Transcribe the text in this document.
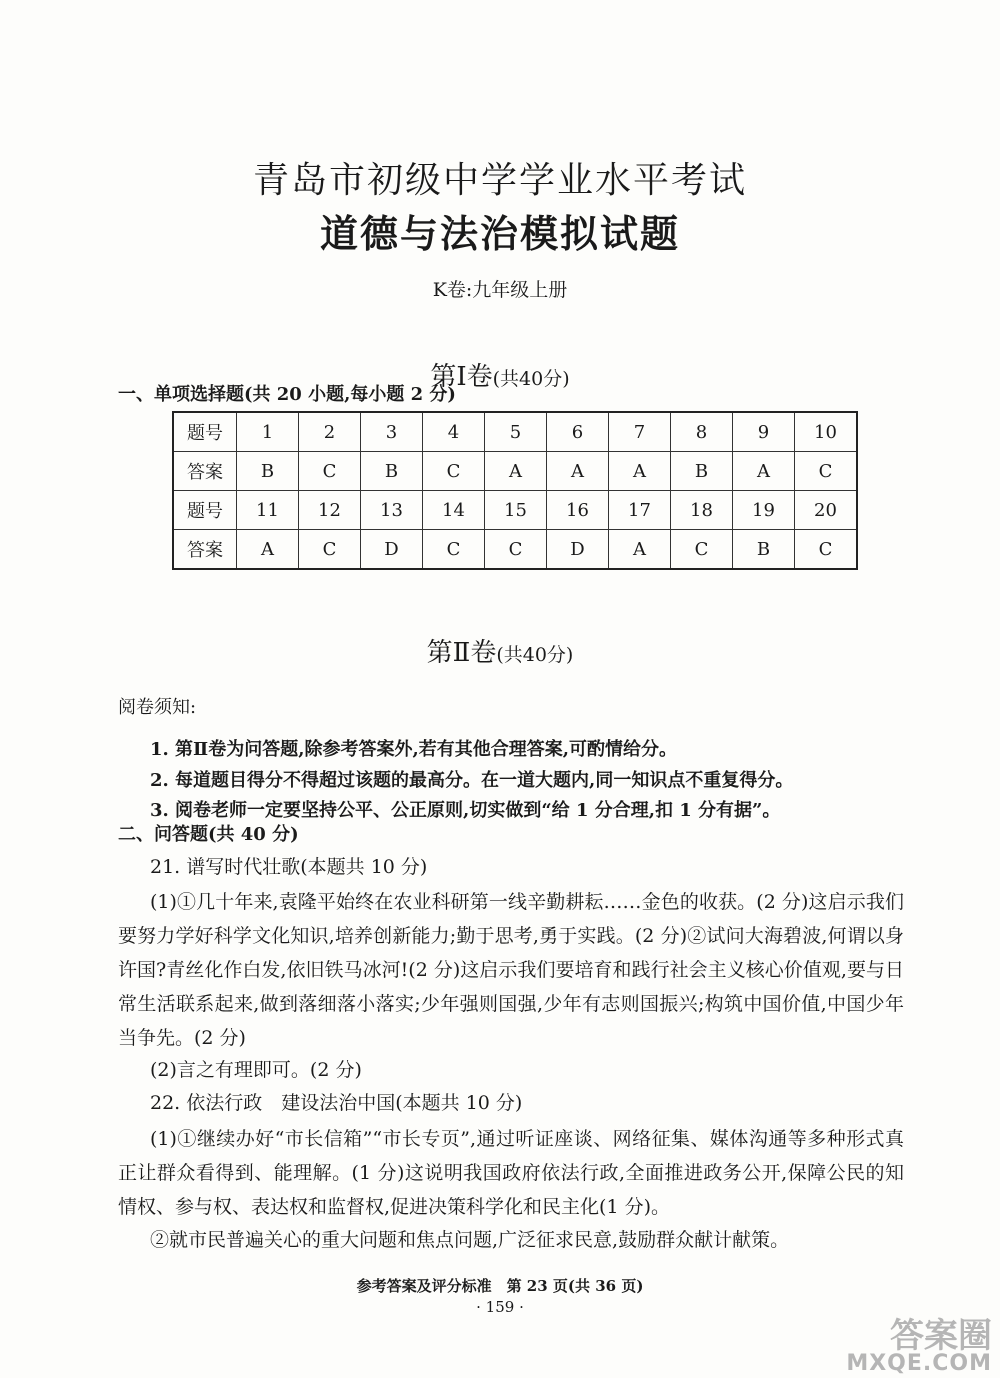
青岛市初级中学学业水平考试
道德与法治模拟试题
K卷:九年级上册
第Ⅰ卷(共40分)
一、单项选择题(共 20 小题,每小题 2 分)
题号	1	2	3	4	5	6	7	8	9	10
答案	B	C	B	C	A	A	A	B	A	C
题号	11	12	13	14	15	16	17	18	19	20
答案	A	C	D	C	C	D	A	C	B	C
第Ⅱ卷(共40分)
阅卷须知:
1. 第Ⅱ卷为问答题,除参考答案外,若有其他合理答案,可酌情给分。
2. 每道题目得分不得超过该题的最高分。在一道大题内,同一知识点不重复得分。
3. 阅卷老师一定要坚持公平、公正原则,切实做到“给 1 分合理,扣 1 分有据”。
二、问答题(共 40 分)
21. 谱写时代壮歌(本题共 10 分)
(1)①几十年来,袁隆平始终在农业科研第一线辛勤耕耘……金色的收获。(2 分)这启示我们要努力学好科学文化知识,培养创新能力;勤于思考,勇于实践。(2 分)②试问大海碧波,何谓以身许国?青丝化作白发,依旧铁马冰河!(2 分)这启示我们要培育和践行社会主义核心价值观,要与日常生活联系起来,做到落细落小落实;少年强则国强,少年有志则国振兴;构筑中国价值,中国少年当争先。(2 分)
(2)言之有理即可。(2 分)
22. 依法行政　建设法治中国(本题共 10 分)
(1)①继续办好“市长信箱”“市长专页”,通过听证座谈、网络征集、媒体沟通等多种形式真正让群众看得到、能理解。(1 分)这说明我国政府依法行政,全面推进政务公开,保障公民的知情权、参与权、表达权和监督权,促进决策科学化和民主化(1 分)。
②就市民普遍关心的重大问题和焦点问题,广泛征求民意,鼓励群众献计献策。
参考答案及评分标准　第 23 页(共 36 页)
· 159 ·
答案圈
MXQE.COM
